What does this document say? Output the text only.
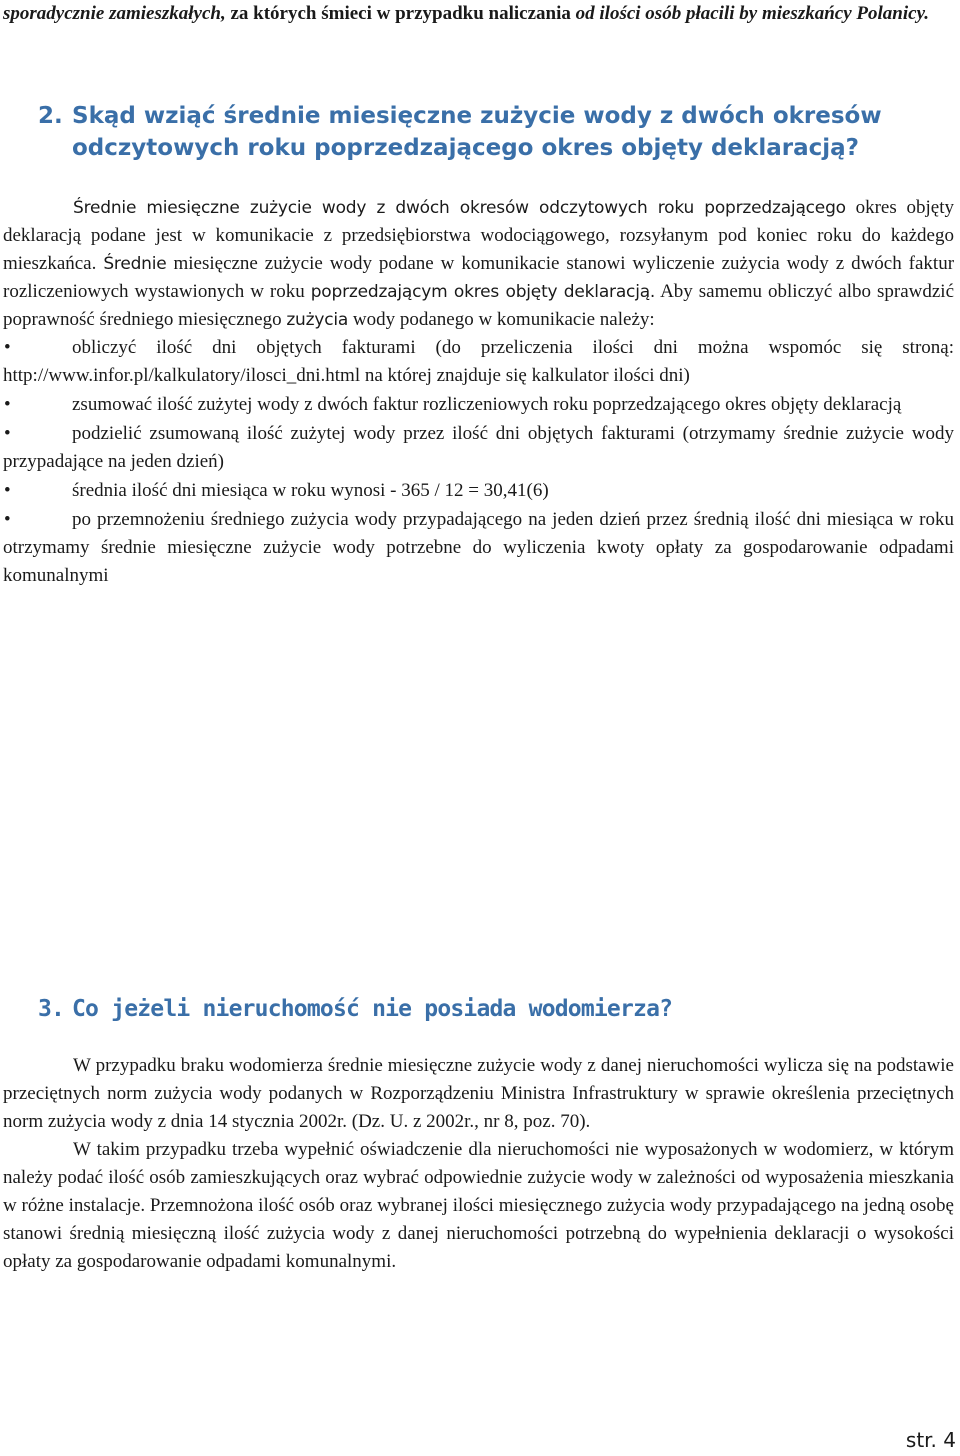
sporadycznie zamieszkałych, za których śmieci w przypadku naliczania od ilości osób płacili by mieszkańcy Polanicy.

2. Skąd wziąć średnie miesięczne zużycie wody z dwóch okresów
odczytowych roku poprzedzającego okres objęty deklaracją?

Średnie miesięczne zużycie wody z dwóch okresów odczytowych roku poprzedzającego okres objęty deklaracją podane jest w komunikacie z przedsiębiorstwa wodociągowego, rozsyłanym pod koniec roku do każdego mieszkańca. Średnie miesięczne zużycie wody podane w komunikacie stanowi wyliczenie zużycia wody z dwóch faktur rozliczeniowych wystawionych w roku poprzedzającym okres objęty deklaracją. Aby samemu obliczyć albo sprawdzić poprawność średniego miesięcznego zużycia wody podanego w komunikacie należy:

• obliczyć ilość dni objętych fakturami (do przeliczenia ilości dni można wspomóc się stroną: http://www.infor.pl/kalkulatory/ilosci_dni.html na której znajduje się kalkulator ilości dni)
• zsumować ilość zużytej wody z dwóch faktur rozliczeniowych roku poprzedzającego okres objęty deklaracją
• podzielić zsumowaną ilość zużytej wody przez ilość dni objętych fakturami (otrzymamy średnie zużycie wody przypadające na jeden dzień)
• średnia ilość dni miesiąca w roku wynosi - 365 / 12 = 30,41(6)
• po przemnożeniu średniego zużycia wody przypadającego na jeden dzień przez średnią ilość dni miesiąca w roku otrzymamy średnie miesięczne zużycie wody potrzebne do wyliczenia kwoty opłaty za gospodarowanie odpadami komunalnymi
3. Co jeżeli nieruchomość nie posiada wodomierza?

W przypadku braku wodomierza średnie miesięczne zużycie wody z danej nieruchomości wylicza się na podstawie przeciętnych norm zużycia wody podanych w Rozporządzeniu Ministra Infrastruktury w sprawie określenia przeciętnych norm zużycia wody z dnia 14 stycznia 2002r. (Dz. U. z 2002r., nr 8, poz. 70).

W takim przypadku trzeba wypełnić oświadczenie dla nieruchomości nie wyposażonych w wodomierz, w którym należy podać ilość osób zamieszkujących oraz wybrać odpowiednie zużycie wody w zależności od wyposażenia mieszkania w różne instalacje. Przemnożona ilość osób oraz wybranej ilości miesięcznego zużycia wody przypadającego na jedną osobę stanowi średnią miesięczną ilość zużycia wody z danej nieruchomości potrzebną do wypełnienia deklaracji o wysokości opłaty za gospodarowanie odpadami komunalnymi.

str. 4
